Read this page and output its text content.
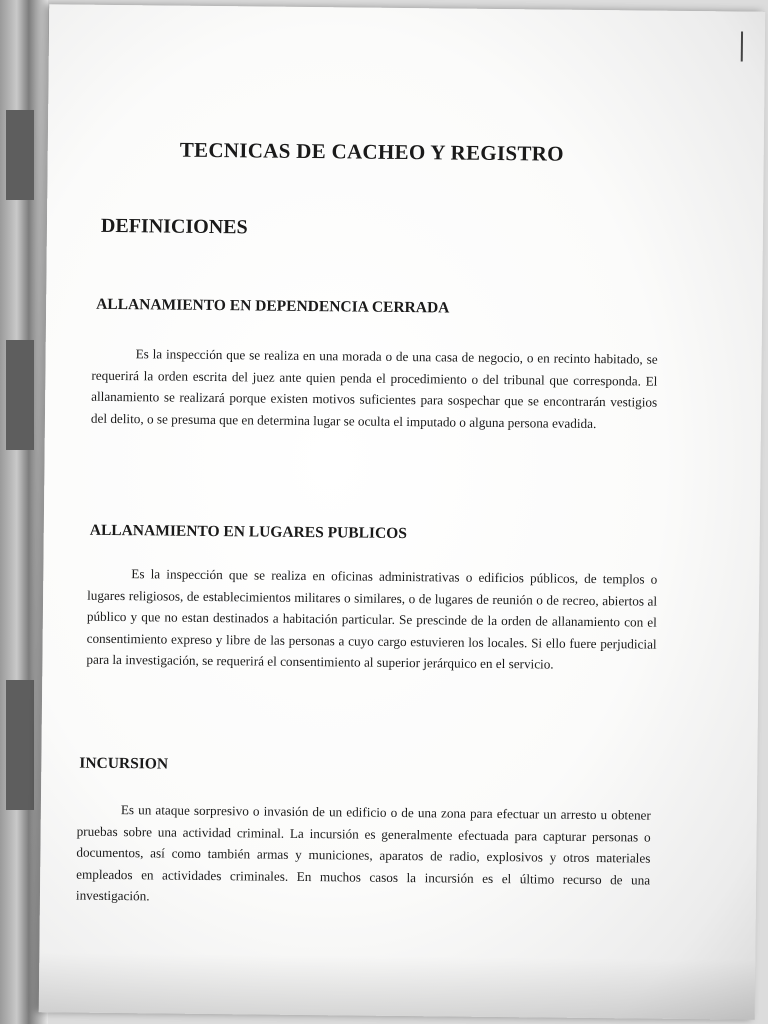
TECNICAS DE CACHEO Y REGISTRO
DEFINICIONES
ALLANAMIENTO EN DEPENDENCIA CERRADA

Es la inspección que se realiza en una morada o de una casa de negocio, o en recinto habitado, se requerirá la orden escrita del juez ante quien penda el procedimiento o del tribunal que corresponda. El allanamiento se realizará porque existen motivos suficientes para sospechar que se encontrarán vestigios del delito, o se presuma que en determina lugar se oculta el imputado o alguna persona evadida.

ALLANAMIENTO EN LUGARES PUBLICOS

Es la inspección que se realiza en oficinas administrativas o edificios públicos, de templos o lugares religiosos, de establecimientos militares o similares, o de lugares de reunión o de recreo, abiertos al público y que no estan destinados a habitación particular. Se prescinde de la orden de allanamiento con el consentimiento expreso y libre de las personas a cuyo cargo estuvieren los locales. Si ello fuere perjudicial para la investigación, se requerirá el consentimiento al superior jerárquico en el servicio.

INCURSION

Es un ataque sorpresivo o invasión de un edificio o de una zona para efectuar un arresto u obtener pruebas sobre una actividad criminal. La incursión es generalmente efectuada para capturar personas o documentos, así como también armas y municiones, aparatos de radio, explosivos y otros materiales empleados en actividades criminales. En muchos casos la incursión es el último recurso de una investigación.
